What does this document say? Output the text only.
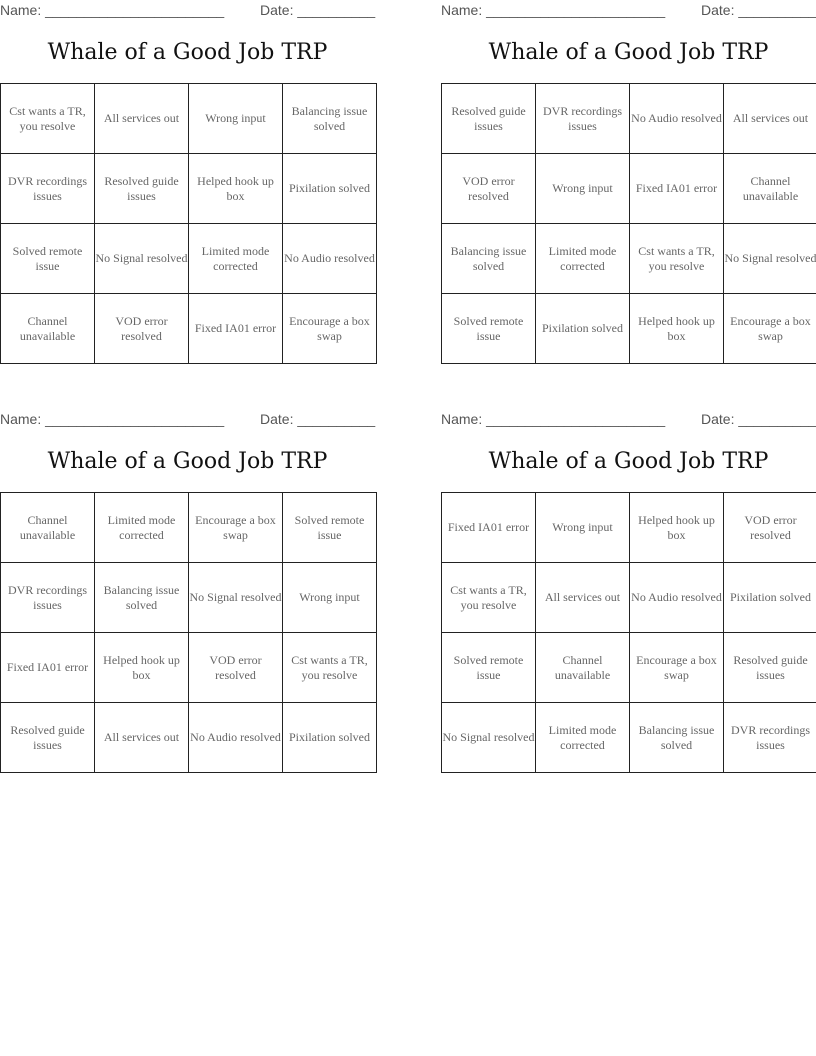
Name: _______________________

	Date: __________

Whale of a Good Job TRP
Cst wants a TR, you resolve	All services out	Wrong input	Balancing issue solved
DVR recordings issues	Resolved guide issues	Helped hook up box	Pixilation solved
Solved remote issue	No Signal resolved	Limited mode corrected	No Audio resolved
Channel unavailable	VOD error resolved	Fixed IA01 error	Encourage a box swap

Name: _______________________

	Date: __________

Whale of a Good Job TRP
Resolved guide issues	DVR recordings issues	No Audio resolved	All services out
VOD error resolved	Wrong input	Fixed IA01 error	Channel unavailable
Balancing issue solved	Limited mode corrected	Cst wants a TR, you resolve	No Signal resolved
Solved remote issue	Pixilation solved	Helped hook up box	Encourage a box swap

Name: _______________________

	Date: __________

Whale of a Good Job TRP
Channel unavailable	Limited mode corrected	Encourage a box swap	Solved remote issue
DVR recordings issues	Balancing issue solved	No Signal resolved	Wrong input
Fixed IA01 error	Helped hook up box	VOD error resolved	Cst wants a TR, you resolve
Resolved guide issues	All services out	No Audio resolved	Pixilation solved

Name: _______________________

	Date: __________

Whale of a Good Job TRP
Fixed IA01 error	Wrong input	Helped hook up box	VOD error resolved
Cst wants a TR, you resolve	All services out	No Audio resolved	Pixilation solved
Solved remote issue	Channel unavailable	Encourage a box swap	Resolved guide issues
No Signal resolved	Limited mode corrected	Balancing issue solved	DVR recordings issues
